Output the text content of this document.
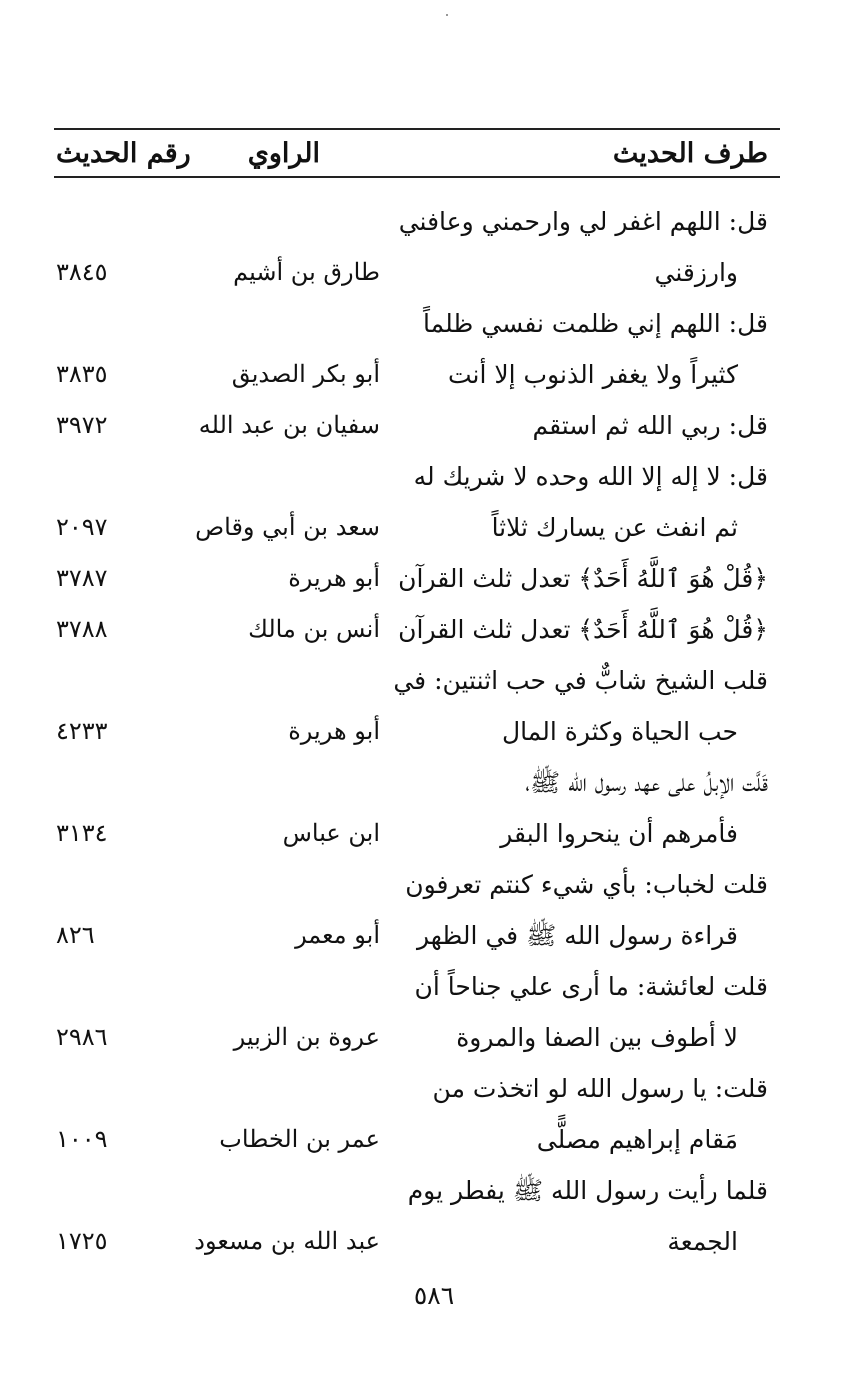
طرف الحديث
الراوي
رقم الحديث
قل: اللهم اغفر لي وارحمني وعافني
وارزقني
طارق بن أشيم
٣٨٤٥
قل: اللهم إني ظلمت نفسي ظلماً
كثيراً ولا يغفر الذنوب إلا أنت
أبو بكر الصديق
٣٨٣٥
قل: ربي الله ثم استقم
سفيان بن عبد الله
٣٩٧٢
قل: لا إله إلا الله وحده لا شريك له
ثم انفث عن يسارك ثلاثاً
سعد بن أبي وقاص
٢٠٩٧
﴿قُلْ هُوَ ٱللَّهُ أَحَدٌ﴾ تعدل ثلث القرآن
أبو هريرة
٣٧٨٧
﴿قُلْ هُوَ ٱللَّهُ أَحَدٌ﴾ تعدل ثلث القرآن
أنس بن مالك
٣٧٨٨
قلب الشيخ شابٌّ في حب اثنتين: في
حب الحياة وكثرة المال
أبو هريرة
٤٢٣٣
قَلَّت الإبلُ على عهد رسول الله ﷺ،
فأمرهم أن ينحروا البقر
ابن عباس
٣١٣٤
قلت لخباب: بأي شيء كنتم تعرفون
قراءة رسول الله ﷺ في الظهر
أبو معمر
٨٢٦
قلت لعائشة: ما أرى علي جناحاً أن
لا أطوف بين الصفا والمروة
عروة بن الزبير
٢٩٨٦
قلت: يا رسول الله لو اتخذت من
مَقام إبراهيم مصلًّى
عمر بن الخطاب
١٠٠٩
قلما رأيت رسول الله ﷺ يفطر يوم
الجمعة
عبد الله بن مسعود
١٧٢٥
٥٨٦
